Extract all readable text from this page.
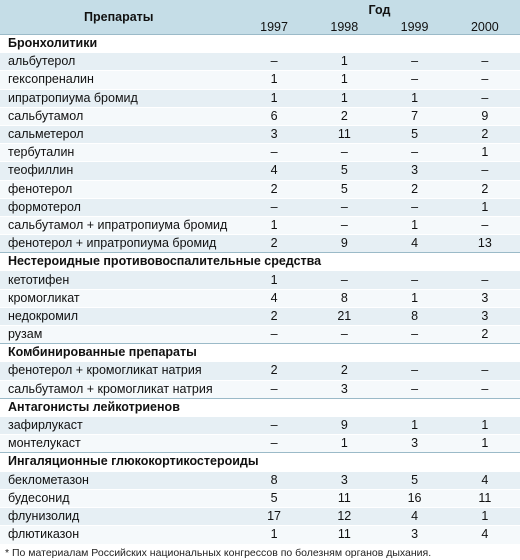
Препараты	Год			
	1997	1998	1999	2000
Бронхолитики				
альбутерол	–	1	–	–
гексопреналин	1	1	–	–
ипратропиума бромид	1	1	1	–
сальбутамол	6	2	7	9
сальметерол	3	11	5	2
тербуталин	–	–	–	1
теофиллин	4	5	3	–
фенотерол	2	5	2	2
формотерол	–	–	–	1
сальбутамол + ипратропиума бромид	1	–	1	–
фенотерол + ипратропиума бромид	2	9	4	13
Нестероидные противовоспалительные средства				
кетотифен	1	–	–	–
кромогликат	4	8	1	3
недокромил	2	21	8	3
рузам	–	–	–	2
Комбинированные препараты				
фенотерол + кромогликат натрия	2	2	–	–
сальбутамол + кромогликат натрия	–	3	–	–
Антагонисты лейкотриенов				
зафирлукаст	–	9	1	1
монтелукаст	–	1	3	1
Ингаляционные глюкокортикостероиды				
беклометазон	8	3	5	4
будесонид	5	11	16	11
флунизолид	17	12	4	1
флютиказон	1	11	3	4
* По материалам Российских национальных конгрессов по болезням органов дыхания.
